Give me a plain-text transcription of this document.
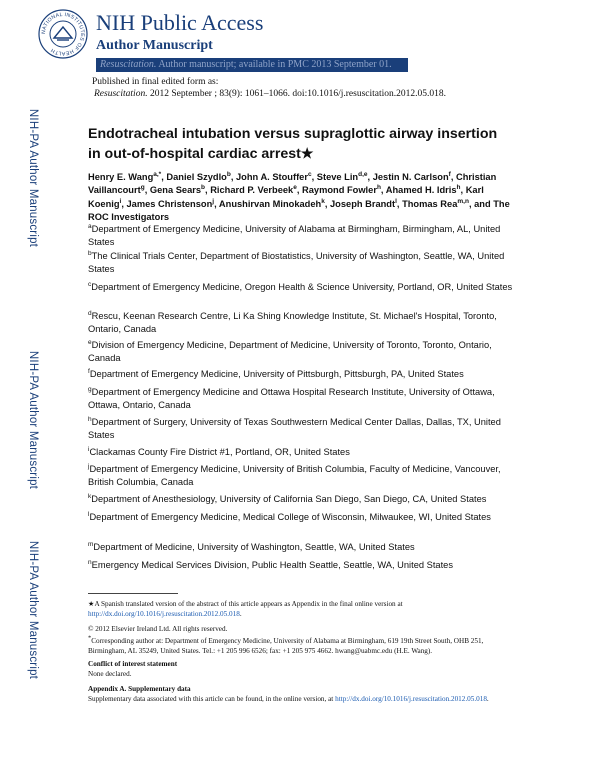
NIH-PA Author Manuscript
NIH-PA Author Manuscript
NIH-PA Author Manuscript
NATIONAL INSTITUTES OF HEALTH
NIH Public Access
Author Manuscript
Resuscitation. Author manuscript; available in PMC 2013 September 01.
Published in final edited form as:
Resuscitation. 2012 September ; 83(9): 1061–1066. doi:10.1016/j.resuscitation.2012.05.018.
Endotracheal intubation versus supraglottic airway insertion in out-of-hospital cardiac arrest★
Henry E. Wang$^{a,*}$, Daniel Szydlo$^b$, John A. Stouffer$^c$, Steve Lin$^{d,e}$, Jestin N. Carlson$^f$, Christian Vaillancourt$^g$, Gena Sears$^b$, Richard P. Verbeek$^e$, Raymond Fowler$^h$, Ahamed H. Idris$^h$, Karl Koenig$^i$, James Christenson$^j$, Anushirvan Minokadeh$^k$, Joseph Brandt$^l$, Thomas Rea$^{m,n}$, and The ROC Investigators
$^a$Department of Emergency Medicine, University of Alabama at Birmingham, Birmingham, AL, United States
$^b$The Clinical Trials Center, Department of Biostatistics, University of Washington, Seattle, WA, United States
$^c$Department of Emergency Medicine, Oregon Health & Science University, Portland, OR, United States
$^d$Rescu, Keenan Research Centre, Li Ka Shing Knowledge Institute, St. Michael's Hospital, Toronto, Ontario, Canada
$^e$Division of Emergency Medicine, Department of Medicine, University of Toronto, Toronto, Ontario, Canada
$^f$Department of Emergency Medicine, University of Pittsburgh, Pittsburgh, PA, United States
$^g$Department of Emergency Medicine and Ottawa Hospital Research Institute, University of Ottawa, Ottawa, Ontario, Canada
$^h$Department of Surgery, University of Texas Southwestern Medical Center Dallas, Dallas, TX, United States
$^i$Clackamas County Fire District #1, Portland, OR, United States
$^j$Department of Emergency Medicine, University of British Columbia, Faculty of Medicine, Vancouver, British Columbia, Canada
$^k$Department of Anesthesiology, University of California San Diego, San Diego, CA, United States
$^l$Department of Emergency Medicine, Medical College of Wisconsin, Milwaukee, WI, United States
$^m$Department of Medicine, University of Washington, Seattle, WA, United States
$^n$Emergency Medical Services Division, Public Health Seattle, Seattle, WA, United States
★A Spanish translated version of the abstract of this article appears as Appendix in the final online version at http://dx.doi.org/10.1016/j.resuscitation.2012.05.018.
© 2012 Elsevier Ireland Ltd. All rights reserved.
*Corresponding author at: Department of Emergency Medicine, University of Alabama at Birmingham, 619 19th Street South, OHB 251, Birmingham, AL 35249, United States. Tel.: +1 205 996 6526; fax: +1 205 975 4662. hwang@uabmc.edu (H.E. Wang).
Conflict of interest statement
None declared.
Appendix A. Supplementary data
Supplementary data associated with this article can be found, in the online version, at http://dx.doi.org/10.1016/j.resuscitation.2012.05.018.
